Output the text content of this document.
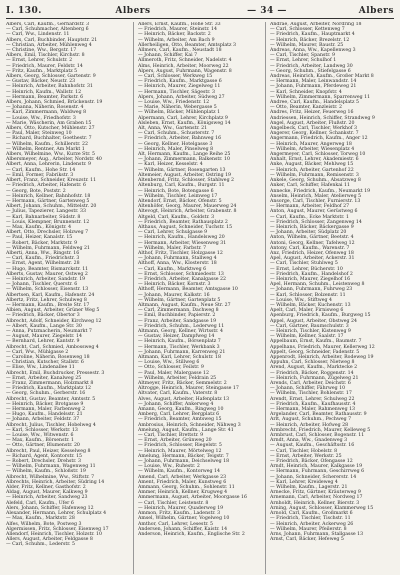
I. 130.	Albers	— 34 —	Albers

Albers, Carl, Kaufm., Gerhardstr. 3

— Carl, Schuhmacher, Altenberg 6

— Carl, Ww., Lindenstr. 11

Albers, Carl, Buchbinder, Hauptstr. 21

— Christian, Arbeiter, Mühlenweg 4

— Christine, Ww., Bergstr. 17

Albers, Emil, Tischler, Kirchstr. 8

— Ernst, Lehrer, Schulstr. 2

— Friedrich, Maurer, Feldstr. 14

— Fritz, Kaufm., Marktplatz 5

Albers, Georg, Schlosser, Gartenstr. 9

— Gustav, Bäcker, Neustr. 23

— Heinrich, Arbeiter, Bahnhofstr. 31

— Heinrich, Kaufm., Wallstr. 12

— Hermann, Beamter, Parkstr. 6

Albers, Johann, Schmied, Brückenstr. 19

— Johanna, Näherin, Rosenstr. 4

— Karl, Zimmermann, Waldweg 8

— Louise, Ww., Friedhofstr. 3

— Marie, Wäscherin, Am Graben 15

Albers, Otto, Kutscher, Mühlenstr. 27

— Paul, Maler, Steinweg 10

— Richard, Buchhalter, Goethestr. 7

— Wilhelm, Kaufm., Schillerstr. 22

— Wilhelm, Rentner, Am Markt 1

Albers, Wilhelmine, Ww., Kurze Str. 5

Albersmeyer, Aug., Arbeiter, Nordstr. 40

Albert, Anna, Lehrerin, Lindenstr. 9

— Carl, Kaufm., Hohe Str. 14

— Emil, Former, Fabrikstr. 3

Albert, Franz, Schneider, Kreuzstr. 11

— Friedrich, Arbeiter, Hafenstr. 6

— Georg, Bote, Poststr. 2

— Heinrich, Kellner, Bahnhofstr. 18

— Hermann, Gärtner, Gartenweg 5

Albert, Johann, Schuhm., Mittelstr. 20

— Julius, Tapezierer, Langestr. 33

— Karl, Bahnarbeiter, Südstr. 8

— Louis, Klempner, Brunnenstr. 12

— Max, Kaufm., Königstr. 4

Albert, Otto, Drechsler, Holzweg 7

— Paul, Heizer, Kanalstr. 15

— Robert, Bäcker, Marktstr. 9

— Wilhelm, Fuhrmann, Feldweg 21

Alberti, Anna, Ww., Ringstr. 16

— Carl, Kaufm., Friedrichstr. 3

— Ernst, Agent, Wilhelmstr. 28

— Hugo, Beamter, Bismarckstr. 11

Alberts, Gustav, Maurer, Ostweg 2

— Heinrich, Arbeiter, Sandstr. 19

— Johann, Tischler, Querstr. 6

— Wilhelm, Schlosser, Eisenstr. 13

Albertsen, Karl, Kaufm., Hafenstr. 24

Albertz, Fritz, Lehrer, Schulweg 8

— Hermann, Kaufm., Breite Str. 17

Albien, August, Arbeiter, Grüner Weg 5

— Friedrich, Bäcker, Obertor 3

Albrecht, Adolf, Schneider, Kirchweg 12

— Albert, Kaufm., Lange Str. 30

— Anna, Putzmacherin, Neumarkt 7

— August, Maurer, Ziegelstr. 14

— Bernhard, Lehrer, Kantstr. 9

Albrecht, Carl, Schmied, Ambossweg 4

— Carl, Ww., Mühlgasse 2

— Caroline, Näherin, Rosenweg 18

— Christian, Kutscher, Stallstr. 6

— Elise, Ww., Lindenallee 11

Albrecht, Emil, Buchdrucker, Pressestr. 3

— Ernst, Arbeiter, Kanalweg 25

— Franz, Zimmermann, Holzmarkt 8

— Friedrich, Kaufm., Marktplatz 12

— Georg, Schuhm., Gerberstr. 16

Albrecht, Gustav, Beamter, Amtsstr. 5

— Heinrich, Bäcker, Brotgasse 9

— Hermann, Maler, Farbenweg 2

— Hugo, Kaufm., Handelsstr. 21

— Johann, Arbeiter, Feldstr. 37

Albrecht, Julius, Tischler, Hobelweg 4

— Karl, Schlosser, Werkstr. 13

— Louise, Ww., Witwenstr. 6

— Max, Kaufm., Börsenstr. 1

— Otto, Gärtner, Blumenstr. 20

Albrecht, Paul, Heizer, Kesselweg 8

— Richard, Agent, Kontorstr. 15

— Robert, Drechsler, Drehstr. 3

— Wilhelm, Fuhrmann, Wagenweg 11

— Wilhelm, Kaufm., Schloßstr. 19

Albrecht, Wilhelmine, Ww., Stiftstr. 7

Albrechts, Heinrich, Arbeiter, Südring 14

Alder, Fritz, Kellner, Gasthofstr. 2

Aldag, August, Maurer, Kalkweg 9

— Heinrich, Arbeiter, Sandweg 23

Alefeld, Carl, Kaufm., Ufer 6

Alers, Johann, Schiffer, Hafenweg 12

Alexander, Hermann, Lehrer, Schulplatz 4

— Max, Kaufm., Marktstr. 28

Alfes, Wilhelm, Bote, Postweg 3

Algermissen, Fritz, Schlosser, Eisenweg 17

Allendorf, Heinrich, Tischler, Holzstr. 10

Allers, August, Arbeiter, Feldgasse 8

— Carl, Schuhm., Lederstr. 5

Allers, Ernst, Kaufm., Hohe Str. 33

— Friedrich, Maurer, Steinstr. 14

— Heinrich, Bäcker, Backstr. 2

— Wilhelm, Arbeiter, Am Bach 9

Allerheiligen, Otto, Beamter, Amtsplatz 3

Allmers, Carl, Kaufm., Neustadt 18

— Johann, Schiffer, Kai 7

Allmeroth, Fritz, Schneider, Nadelstr. 4

Alms, Heinrich, Arbeiter, Moorweg 22

Alpers, August, Fuhrmann, Wagenstr. 8

— Carl, Schlosser, Werkweg 15

— Friedrich, Kaufm., Marktgasse 6

— Heinrich, Maurer, Ziegelweg 11

— Hermann, Tischler, Sägestr. 3

Alpers, Johann, Arbeiter, Südweg 27

— Louise, Ww., Friedenstr. 12

— Marie, Näherin, Webergasse 5

— Wilhelm, Bäcker, Mühlenplatz 1

Alpermann, Carl, Lehrer, Kirchplatz 9

Alsleben, Ernst, Kaufm., Königsweg 14

Alt, Anna, Ww., Gartenstr. 21

— Carl, Schuhm., Schusterstr. 7

— Friedrich, Arbeiter, Bahnweg 16

— Georg, Kellner, Hotelgasse 3

— Heinrich, Maler, Pinselweg 8

Alt, Hermann, Kaufm., Lange Reihe 25

— Johann, Zimmermann, Balkenstr. 10

— Karl, Heizer, Kesselstr. 4

— Wilhelm, Gärtner, Rosengarten 13

Altemeier, August, Arbeiter, Ostring 19

Altenbernd, Fritz, Schlosser, Stahlweg 2

Altenburg, Carl, Kaufm., Burgstr. 11

— Heinrich, Bote, Botengasse 6

— Wilhelm, Tischler, Leimweg 17

Altendorf, Ernst, Bäcker, Ofenstr. 5

Altenhöfer, Georg, Maurer, Mauerweg 24

Altevogt, Heinrich, Arbeiter, Grabenstr. 8

Altgeld, Carl, Kaufm., Goldstr. 3

— Friedrich, Beamter, Rathausplatz 2

Althaus, August, Schneider, Tuchstr. 15

— Carl, Lehrer, Schulgasse 9

— Heinrich, Kaufm., Handelsweg 20

— Hermann, Arbeiter, Wiesenweg 31

— Wilhelm, Maler, Farbstr. 7

Althof, Fritz, Tischler, Holzgasse 12

— Johann, Fuhrmann, Stallweg 4

Althoff, Anna, Ww., Klosterstr. 18

— Carl, Kaufm., Marktweg 6

— Ernst, Schlosser, Schmiedestr. 13

— Friedrich, Arbeiter, Kanalgasse 22

— Heinrich, Bäcker, Kornstr. 3

Althoff, Hermann, Beamter, Amtsgasse 10

— Johann, Maurer, Kalkstr. 16

— Wilhelm, Gärtner, Gartenplatz 5

Altmann, August, Kaufm., Neue Str. 27

— Carl, Zimmermann, Dachweg 8

— Emil, Buchbinder, Papierstr. 2

— Franz, Arbeiter, Sandgasse 19

— Friedrich, Schuhm., Lederweg 11

Altmann, Georg, Kellner, Wirtsstr. 4

— Gustav, Heizer, Dampfweg 14

— Heinrich, Kaufm., Börsenplatz 7

— Hermann, Tischler, Werkbank 3

— Johann, Fuhrmann, Karrenweg 21

Altmann, Karl, Lehrer, Schulstr. 18

— Louise, Ww., Stillweg 6

— Otto, Schlosser, Feilstr. 9

— Paul, Maler, Malergasse 12

— Wilhelm, Arbeiter, Feldrain 25

Altmeyer, Fritz, Bäcker, Semmelstr. 2

Altrogge, Heinrich, Maurer, Steingasse 17

Altvater, Carl, Kaufm., Vaterstr. 8

Alves, August, Arbeiter, Hafenplatz 13

— Johann, Schiffer, Ankerweg 4

Amann, Georg, Kaufm., Ringweg 10

Amberg, Carl, Lehrer, Bergplatz 6

— Friedrich, Beamter, Amtsweg 15

Ambrosius, Heinrich, Schneider, Nähweg 3

Amelung, August, Kaufm., Lange Str. 41

— Carl, Tischler, Brettstr. 9

— Ernst, Arbeiter, Grünweg 20

— Friedrich, Schlosser, Riegelstr. 5

— Heinrich, Maurer, Mörtelweg 12

Amelung, Hermann, Bäcker, Teigstr. 7

— Johann, Fuhrmann, Deichselweg 18

— Louise, Ww., Ruhestr. 2

— Wilhelm, Kaufm., Kontorweg 14

Amend, Carl, Arbeiter, Werkgasse 23

Ament, Friedrich, Maler, Kunstweg 6

Ammann, Georg, Schuhm., Sohlenstr. 11

Ammer, Heinrich, Kellner, Krugweg 4

Ammermann, August, Arbeiter, Moorgasse 16

— Carl, Tischler, Leistenstr. 8

— Heinrich, Maurer, Quaderweg 19

Ammon, Fritz, Kaufm., Ladenstr. 3

Amsel, Wilhelm, Gärtner, Vogelweg 10

Amthor, Carl, Lehrer, Lesestr. 5

Andersen, Johann, Schiffer, Kaistr. 14

Anderson, Heinrich, Kaufm., Englische Str. 2

Andrae, August, Arbeiter, Nordring 18

— Carl, Schlosser, Kettenweg 7

— Friedrich, Kaufm., Hauptmarkt 4

— Heinrich, Bäcker, Brezelstr. 12

— Wilhelm, Maurer, Baustr. 25

Andreas, Anna, Ww., Kapellenweg 3

— Carl, Tischler, Spanstr. 9

— Ernst, Lehrer, Schulhof 1

— Friedrich, Arbeiter, Landweg 30

— Georg, Schuhm., Stiefelgasse 6

Andreas, Heinrich, Kaufm., Großer Markt 8

— Hermann, Maler, Leinwandstr. 14

— Johann, Fuhrmann, Pferdeweg 21

— Karl, Schneider, Knopfstr. 4

— Wilhelm, Zimmermann, Sparrenweg 11

Andree, Carl, Kaufm., Handelsplatz 5

— Otto, Beamter, Kanzleistr. 2

Andres, Fritz, Heizer, Feuerweg 16

Andriessen, Heinrich, Schiffer, Strandweg 9

Angel, August, Arbeiter, Flußstr. 20

Angelbeck, Carl, Tischler, Werkhof 3

Angerer, Georg, Kellner, Schankstr. 7

Angermann, Friedrich, Kaufm., Anger 12

— Heinrich, Maurer, Angerweg 18

— Wilhelm, Arbeiter, Wiesenplatz 4

Angermeyer, Carl, Schlosser, Torweg 10

Anhalt, Ernst, Lehrer, Akademiestr. 6

Anke, August, Bäcker, Mehlweg 15

— Heinrich, Arbeiter, Gartenhof 22

— Wilhelm, Fuhrmann, Remisenstr. 3

Ankele, Georg, Schuhm., Absatzweg 8

Anker, Carl, Schiffer, Hafenkai 11

Annecke, Friedrich, Kaufm., Neumarkt 19

Anselm, Heinrich, Maler, Atelierweg 5

Ansorge, Carl, Tischler, Furnierstr. 13

— Hermann, Arbeiter, Feldhof 27

Anton, August, Maurer, Gerüstweg 6

— Carl, Kaufm., Ecke Marktstr. 1

— Friedrich, Schlosser, Zangenweg 14

— Heinrich, Bäcker, Bäckergasse 9

— Johann, Arbeiter, Südplatz 20

Anton, Wilhelm, Gärtner, Beetstr. 4

Antoni, Georg, Kellner, Tafelweg 12

Antony, Carl, Kaufm., Warenstr. 7

Anz, Friedrich, Heizer, Ofenweg 18

Apel, August, Arbeiter, Ackerstr. 31

— Carl, Tischler, Stuhlweg 5

— Ernst, Lehrer, Bücherstr. 10

— Friedrich, Kaufm., Handelshof 2

— Heinrich, Maurer, Ziegelhof 16

Apel, Hermann, Schuhm., Leistenweg 8

— Johann, Fuhrmann, Fuhrweg 23

— Karl, Schlosser, Bolzenstr. 11

— Louise, Ww., Stiftweg 4

— Wilhelm, Bäcker, Kuchenstr. 13

Apelt, Carl, Maler, Firnisweg 6

Apenburg, Friedrich, Kaufm., Burgweg 15

Appel, August, Arbeiter, Obstweg 24

— Carl, Gärtner, Baumschulstr. 3

— Heinrich, Tischler, Kistenweg 9

— Wilhelm, Kellner, Saalstr. 17

Appelbaum, Ernst, Kaufm., Baumstr. 7

Appelhans, Friedrich, Maurer, Kellerweg 12

Appelt, Georg, Schneider, Fadenstr. 5

Appenrodt, Heinrich, Arbeiter, Rodeweg 19

Appuhn, Carl, Schlosser, Nietweg 8

Arend, August, Kaufm., Marktecke 2

— Friedrich, Bäcker, Roggenstr. 14

— Heinrich, Fuhrmann, Zügelweg 21

Arends, Carl, Arbeiter, Deichstr. 6

— Johann, Schiffer, Fährweg 10

— Wilhelm, Tischler, Bohlenstr. 17

Arendt, Ernst, Lehrer, Schulweg 22

— Friedrich, Kaufm., Kaufhausstr. 4

— Hermann, Maler, Rahmenweg 13

Argelander, Carl, Beamter, Rathausstr. 9

Arlt, August, Schuhm., Pechweg 7

— Heinrich, Arbeiter, Hofweg 28

Armbrecht, Friedrich, Maurer, Kelleweg 5

Armbrust, Carl, Schlosser, Bogenstr. 11

Arndt, Anna, Ww., Gnadenweg 3

— August, Kaufm., Geschäftsstr. 16

— Carl, Tischler, Hobelstr. 8

— Ernst, Arbeiter, Werkstr. 25

— Friedrich, Bäcker, Ofengasse 12

Arndt, Heinrich, Maurer, Kalkgasse 19

— Hermann, Fuhrmann, Geschirrweg 6

— Johann, Schneider, Schererstr. 14

— Karl, Lehrer, Kreideweg 4

— Wilhelm, Kaufm., Lagerstr. 21

Arnecke, Fritz, Gärtner, Kräuterweg 9

Arnemann, Carl, Arbeiter, Nordweg 17

Arnholdt, Heinrich, Kellner, Bierstr. 3

Arning, August, Schlosser, Klammerweg 15

Arnold, Carl, Kaufm., Großmarkt 6

— Friedrich, Tischler, Tischstr. 11

— Heinrich, Arbeiter, Ackerweg 26

— Wilhelm, Maurer, Pfeilerstr. 8

Arns, Johann, Fuhrmann, Stallgasse 13

Arnst, Carl, Bäcker, Hefeweg 5
